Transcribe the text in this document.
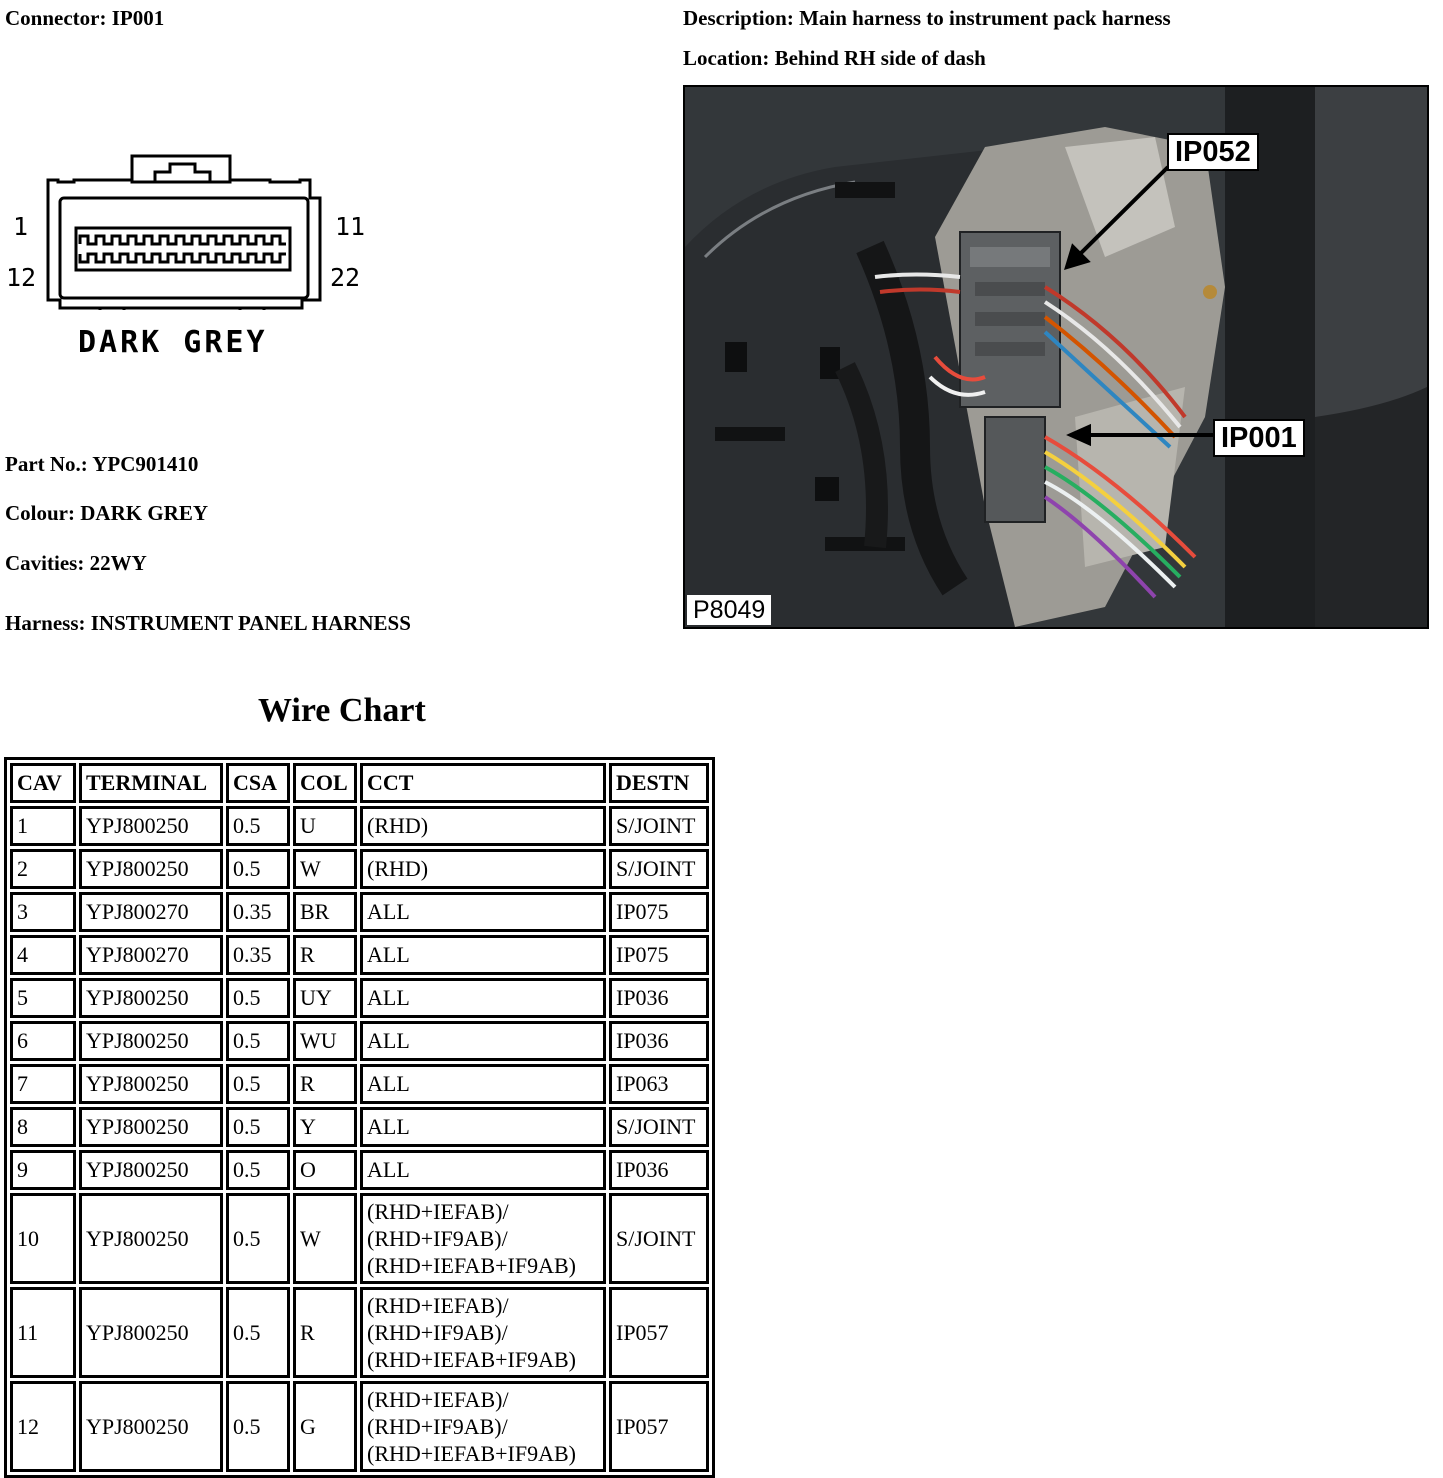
Connector: IP001	Description: Main harness to instrument pack harness
Location: Behind RH side of dash
1	11
12	22
DARK GREY
Part No.: YPC901410
Colour: DARK GREY
Cavities: 22WY
Harness: INSTRUMENT PANEL HARNESS
IP052
IP001
P8049
Wire Chart
CAV	TERMINAL	CSA	COL	CCT	DESTN
1	YPJ800250	0.5	U	(RHD)	S/JOINT
2	YPJ800250	0.5	W	(RHD)	S/JOINT
3	YPJ800270	0.35	BR	ALL	IP075
4	YPJ800270	0.35	R	ALL	IP075
5	YPJ800250	0.5	UY	ALL	IP036
6	YPJ800250	0.5	WU	ALL	IP036
7	YPJ800250	0.5	R	ALL	IP063
8	YPJ800250	0.5	Y	ALL	S/JOINT
9	YPJ800250	0.5	O	ALL	IP036
10	YPJ800250	0.5	W	(RHD+IEFAB)/
(RHD+IF9AB)/
(RHD+IEFAB+IF9AB)	S/JOINT
11	YPJ800250	0.5	R	(RHD+IEFAB)/
(RHD+IF9AB)/
(RHD+IEFAB+IF9AB)	IP057
12	YPJ800250	0.5	G	(RHD+IEFAB)/
(RHD+IF9AB)/
(RHD+IEFAB+IF9AB)	IP057
